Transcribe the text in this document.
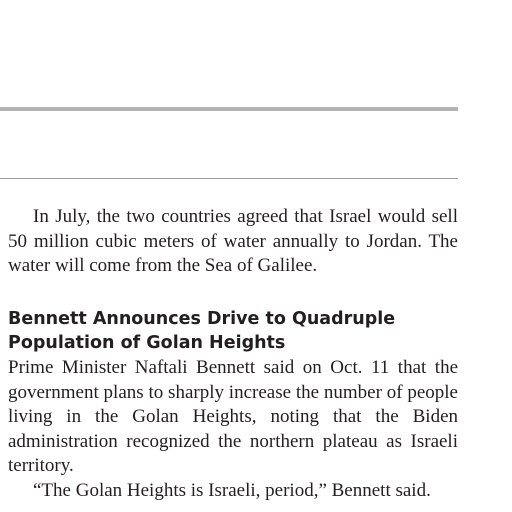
In July, the two countries agreed that Israel would sell 50 million cubic meters of water annually to Jordan. The water will come from the Sea of Galilee.

Bennett Announces Drive to Quadruple Population of Golan Heights

Prime Minister Naftali Bennett said on Oct. 11 that the government plans to sharply increase the number of people living in the Golan Heights, noting that the Biden administration recognized the northern plateau as Israeli territory.

“The Golan Heights is Israeli, period,” Bennett said.
